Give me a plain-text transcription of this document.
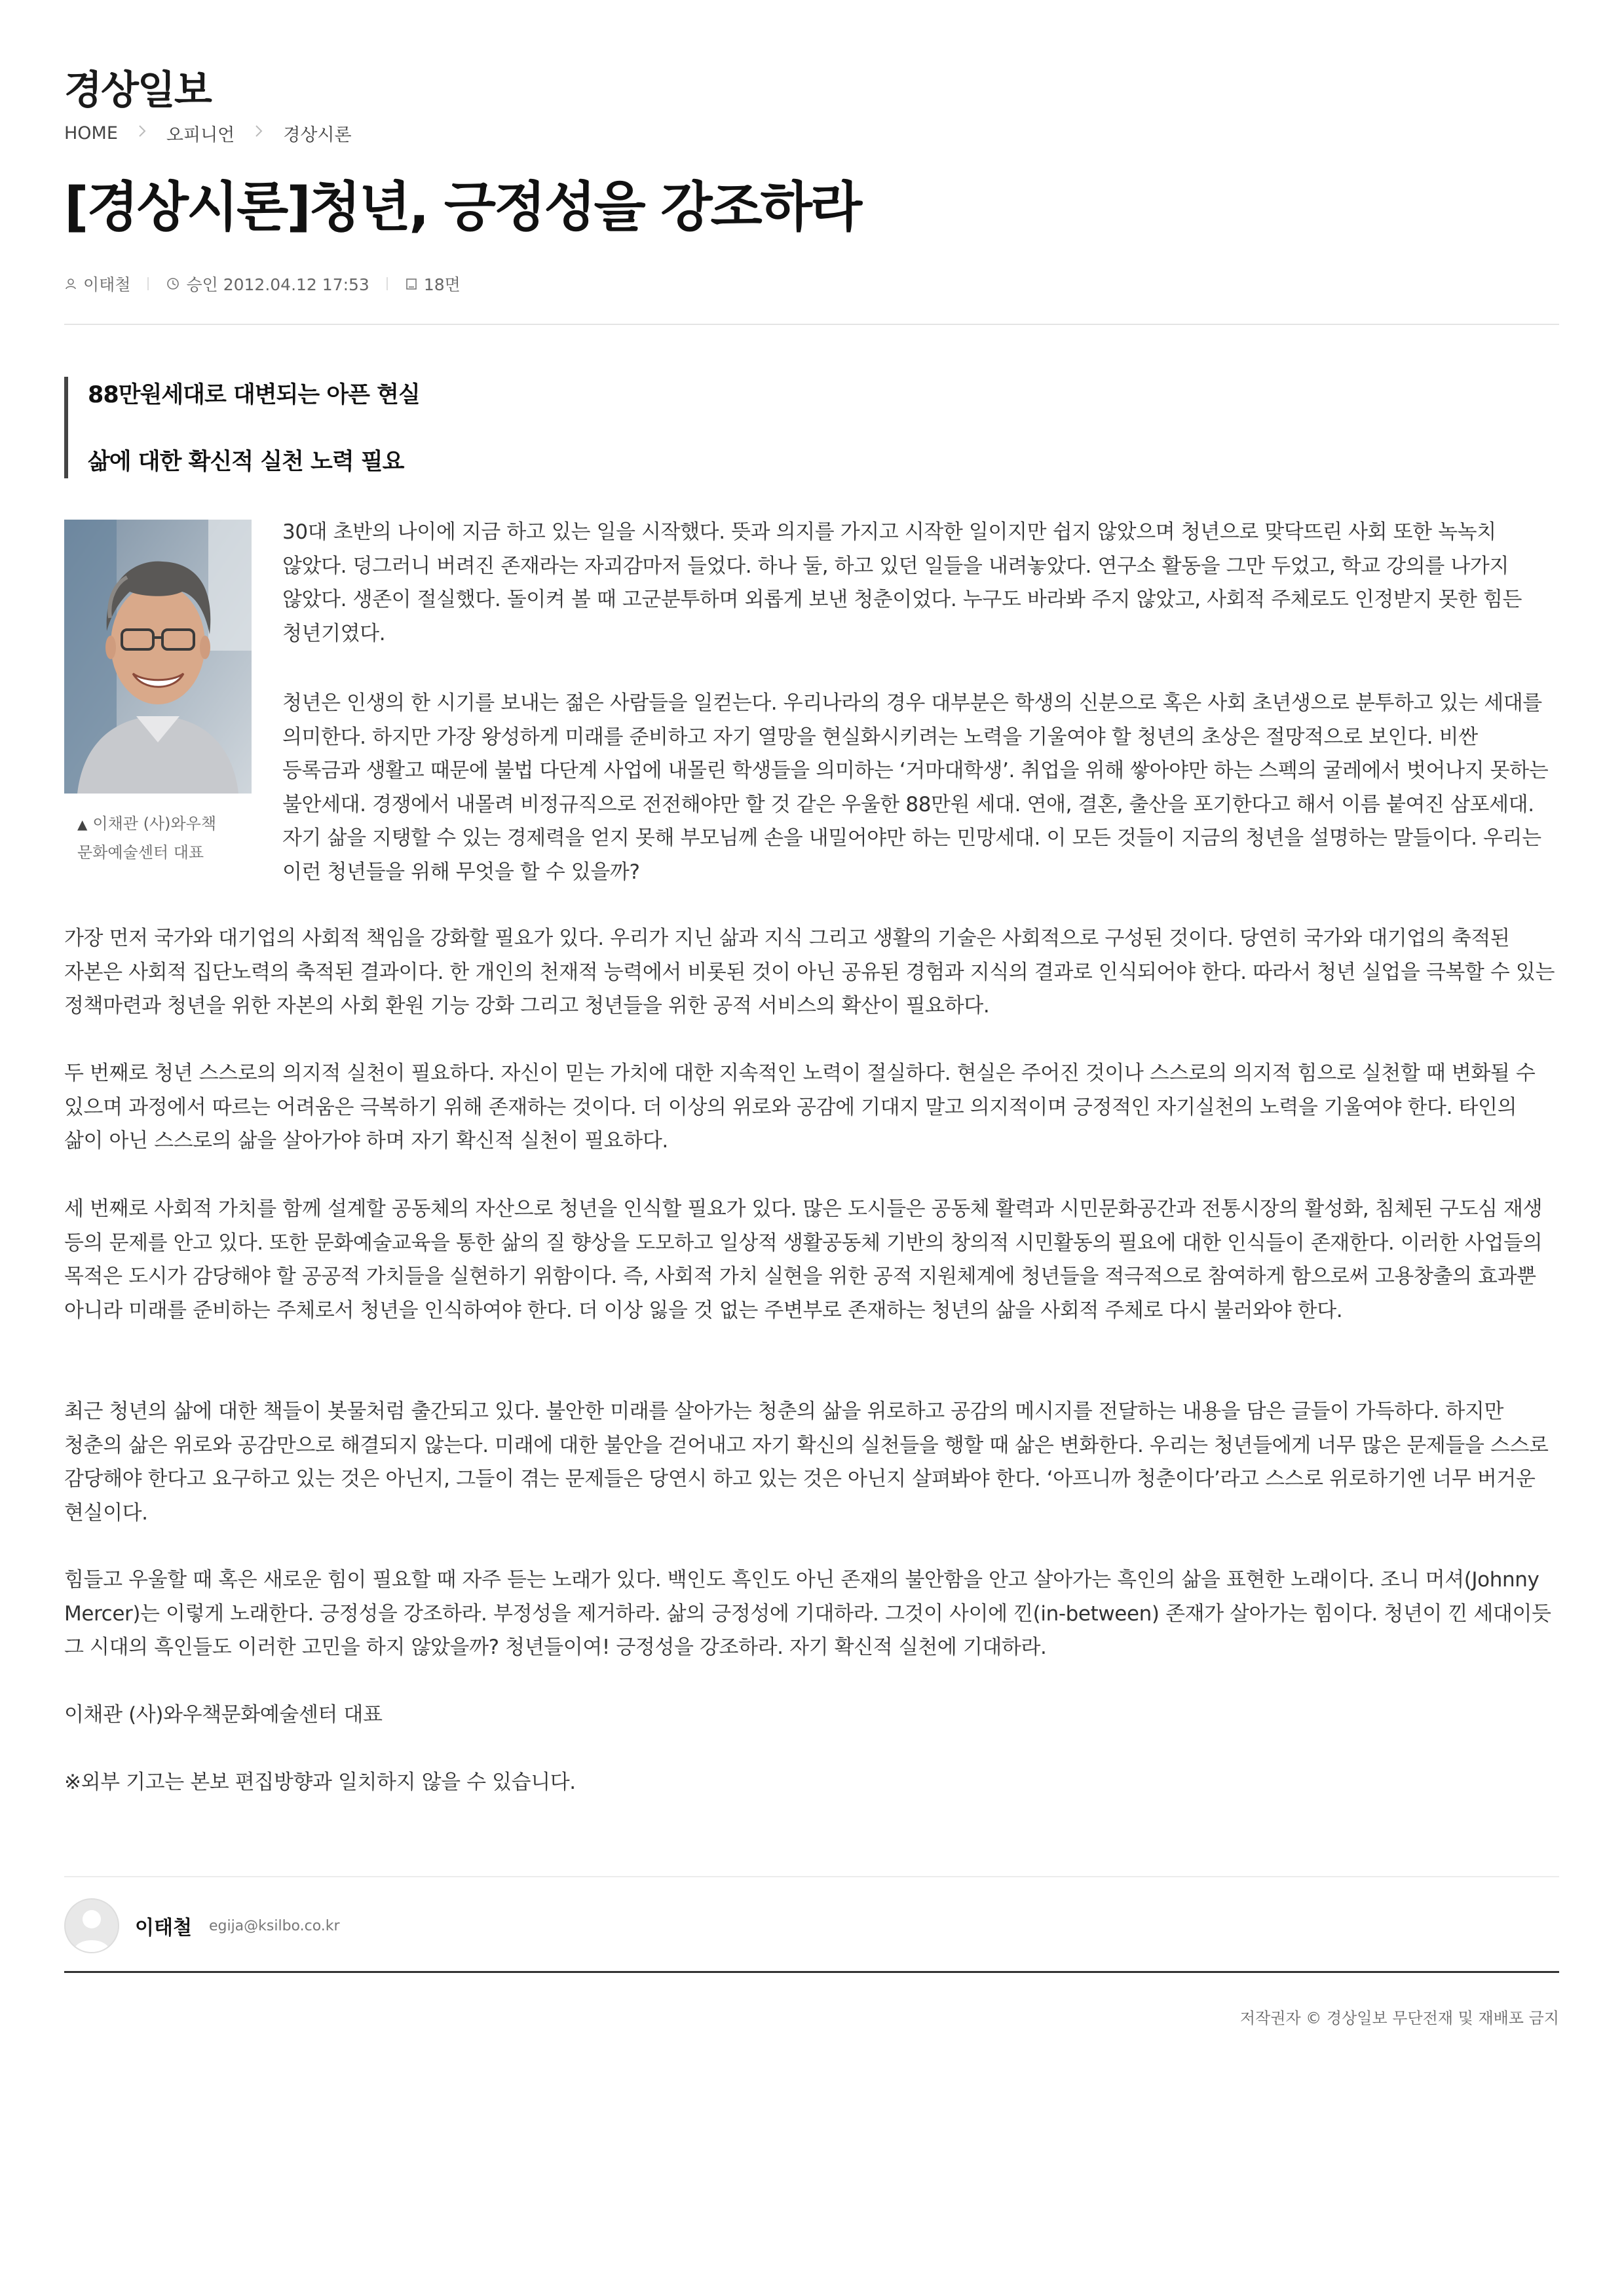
경상일보
HOME	오피니언	경상시론
[경상시론]청년, 긍정성을 강조하라
이태철	승인 2012.04.12 17:53	18면
88만원세대로 대변되는 아픈 현실
삶에 대한 확신적 실천 노력 필요
▲ 이채관 (사)와우책
문화예술센터 대표
30대 초반의 나이에 지금 하고 있는 일을 시작했다. 뜻과 의지를 가지고 시작한 일이지만 쉽지 않았으며 청년으로 맞닥뜨린 사회 또한 녹녹치 않았다. 덩그러니 버려진 존재라는 자괴감마저 들었다. 하나 둘, 하고 있던 일들을 내려놓았다. 연구소 활동을 그만 두었고, 학교 강의를 나가지 않았다. 생존이 절실했다. 돌이켜 볼 때 고군분투하며 외롭게 보낸 청춘이었다. 누구도 바라봐 주지 않았고, 사회적 주체로도 인정받지 못한 힘든 청년기였다.
청년은 인생의 한 시기를 보내는 젊은 사람들을 일컫는다. 우리나라의 경우 대부분은 학생의 신분으로 혹은 사회 초년생으로 분투하고 있는 세대를 의미한다. 하지만 가장 왕성하게 미래를 준비하고 자기 열망을 현실화시키려는 노력을 기울여야 할 청년의 초상은 절망적으로 보인다. 비싼 등록금과 생활고 때문에 불법 다단계 사업에 내몰린 학생들을 의미하는 ‘거마대학생’. 취업을 위해 쌓아야만 하는 스펙의 굴레에서 벗어나지 못하는 불안세대. 경쟁에서 내몰려 비정규직으로 전전해야만 할 것 같은 우울한 88만원 세대. 연애, 결혼, 출산을 포기한다고 해서 이름 붙여진 삼포세대. 자기 삶을 지탱할 수 있는 경제력을 얻지 못해 부모님께 손을 내밀어야만 하는 민망세대. 이 모든 것들이 지금의 청년을 설명하는 말들이다. 우리는 이런 청년들을 위해 무엇을 할 수 있을까?
가장 먼저 국가와 대기업의 사회적 책임을 강화할 필요가 있다. 우리가 지닌 삶과 지식 그리고 생활의 기술은 사회적으로 구성된 것이다. 당연히 국가와 대기업의 축적된 자본은 사회적 집단노력의 축적된 결과이다. 한 개인의 천재적 능력에서 비롯된 것이 아닌 공유된 경험과 지식의 결과로 인식되어야 한다. 따라서 청년 실업을 극복할 수 있는 정책마련과 청년을 위한 자본의 사회 환원 기능 강화 그리고 청년들을 위한 공적 서비스의 확산이 필요하다.
두 번째로 청년 스스로의 의지적 실천이 필요하다. 자신이 믿는 가치에 대한 지속적인 노력이 절실하다. 현실은 주어진 것이나 스스로의 의지적 힘으로 실천할 때 변화될 수 있으며 과정에서 따르는 어려움은 극복하기 위해 존재하는 것이다. 더 이상의 위로와 공감에 기대지 말고 의지적이며 긍정적인 자기실천의 노력을 기울여야 한다. 타인의 삶이 아닌 스스로의 삶을 살아가야 하며 자기 확신적 실천이 필요하다.
세 번째로 사회적 가치를 함께 설계할 공동체의 자산으로 청년을 인식할 필요가 있다. 많은 도시들은 공동체 활력과 시민문화공간과 전통시장의 활성화, 침체된 구도심 재생 등의 문제를 안고 있다. 또한 문화예술교육을 통한 삶의 질 향상을 도모하고 일상적 생활공동체 기반의 창의적 시민활동의 필요에 대한 인식들이 존재한다. 이러한 사업들의 목적은 도시가 감당해야 할 공공적 가치들을 실현하기 위함이다. 즉, 사회적 가치 실현을 위한 공적 지원체계에 청년들을 적극적으로 참여하게 함으로써 고용창출의 효과뿐 아니라 미래를 준비하는 주체로서 청년을 인식하여야 한다. 더 이상 잃을 것 없는 주변부로 존재하는 청년의 삶을 사회적 주체로 다시 불러와야 한다.
최근 청년의 삶에 대한 책들이 봇물처럼 출간되고 있다. 불안한 미래를 살아가는 청춘의 삶을 위로하고 공감의 메시지를 전달하는 내용을 담은 글들이 가득하다. 하지만 청춘의 삶은 위로와 공감만으로 해결되지 않는다. 미래에 대한 불안을 걷어내고 자기 확신의 실천들을 행할 때 삶은 변화한다. 우리는 청년들에게 너무 많은 문제들을 스스로 감당해야 한다고 요구하고 있는 것은 아닌지, 그들이 겪는 문제들은 당연시 하고 있는 것은 아닌지 살펴봐야 한다. ‘아프니까 청춘이다’라고 스스로 위로하기엔 너무 버거운 현실이다.
힘들고 우울할 때 혹은 새로운 힘이 필요할 때 자주 듣는 노래가 있다. 백인도 흑인도 아닌 존재의 불안함을 안고 살아가는 흑인의 삶을 표현한 노래이다. 조니 머셔(Johnny Mercer)는 이렇게 노래한다. 긍정성을 강조하라. 부정성을 제거하라. 삶의 긍정성에 기대하라. 그것이 사이에 낀(in-between) 존재가 살아가는 힘이다. 청년이 낀 세대이듯 그 시대의 흑인들도 이러한 고민을 하지 않았을까? 청년들이여! 긍정성을 강조하라. 자기 확신적 실천에 기대하라.
이채관 (사)와우책문화예술센터 대표
※외부 기고는 본보 편집방향과 일치하지 않을 수 있습니다.
이태철 egija@ksilbo.co.kr
저작권자 © 경상일보 무단전재 및 재배포 금지
